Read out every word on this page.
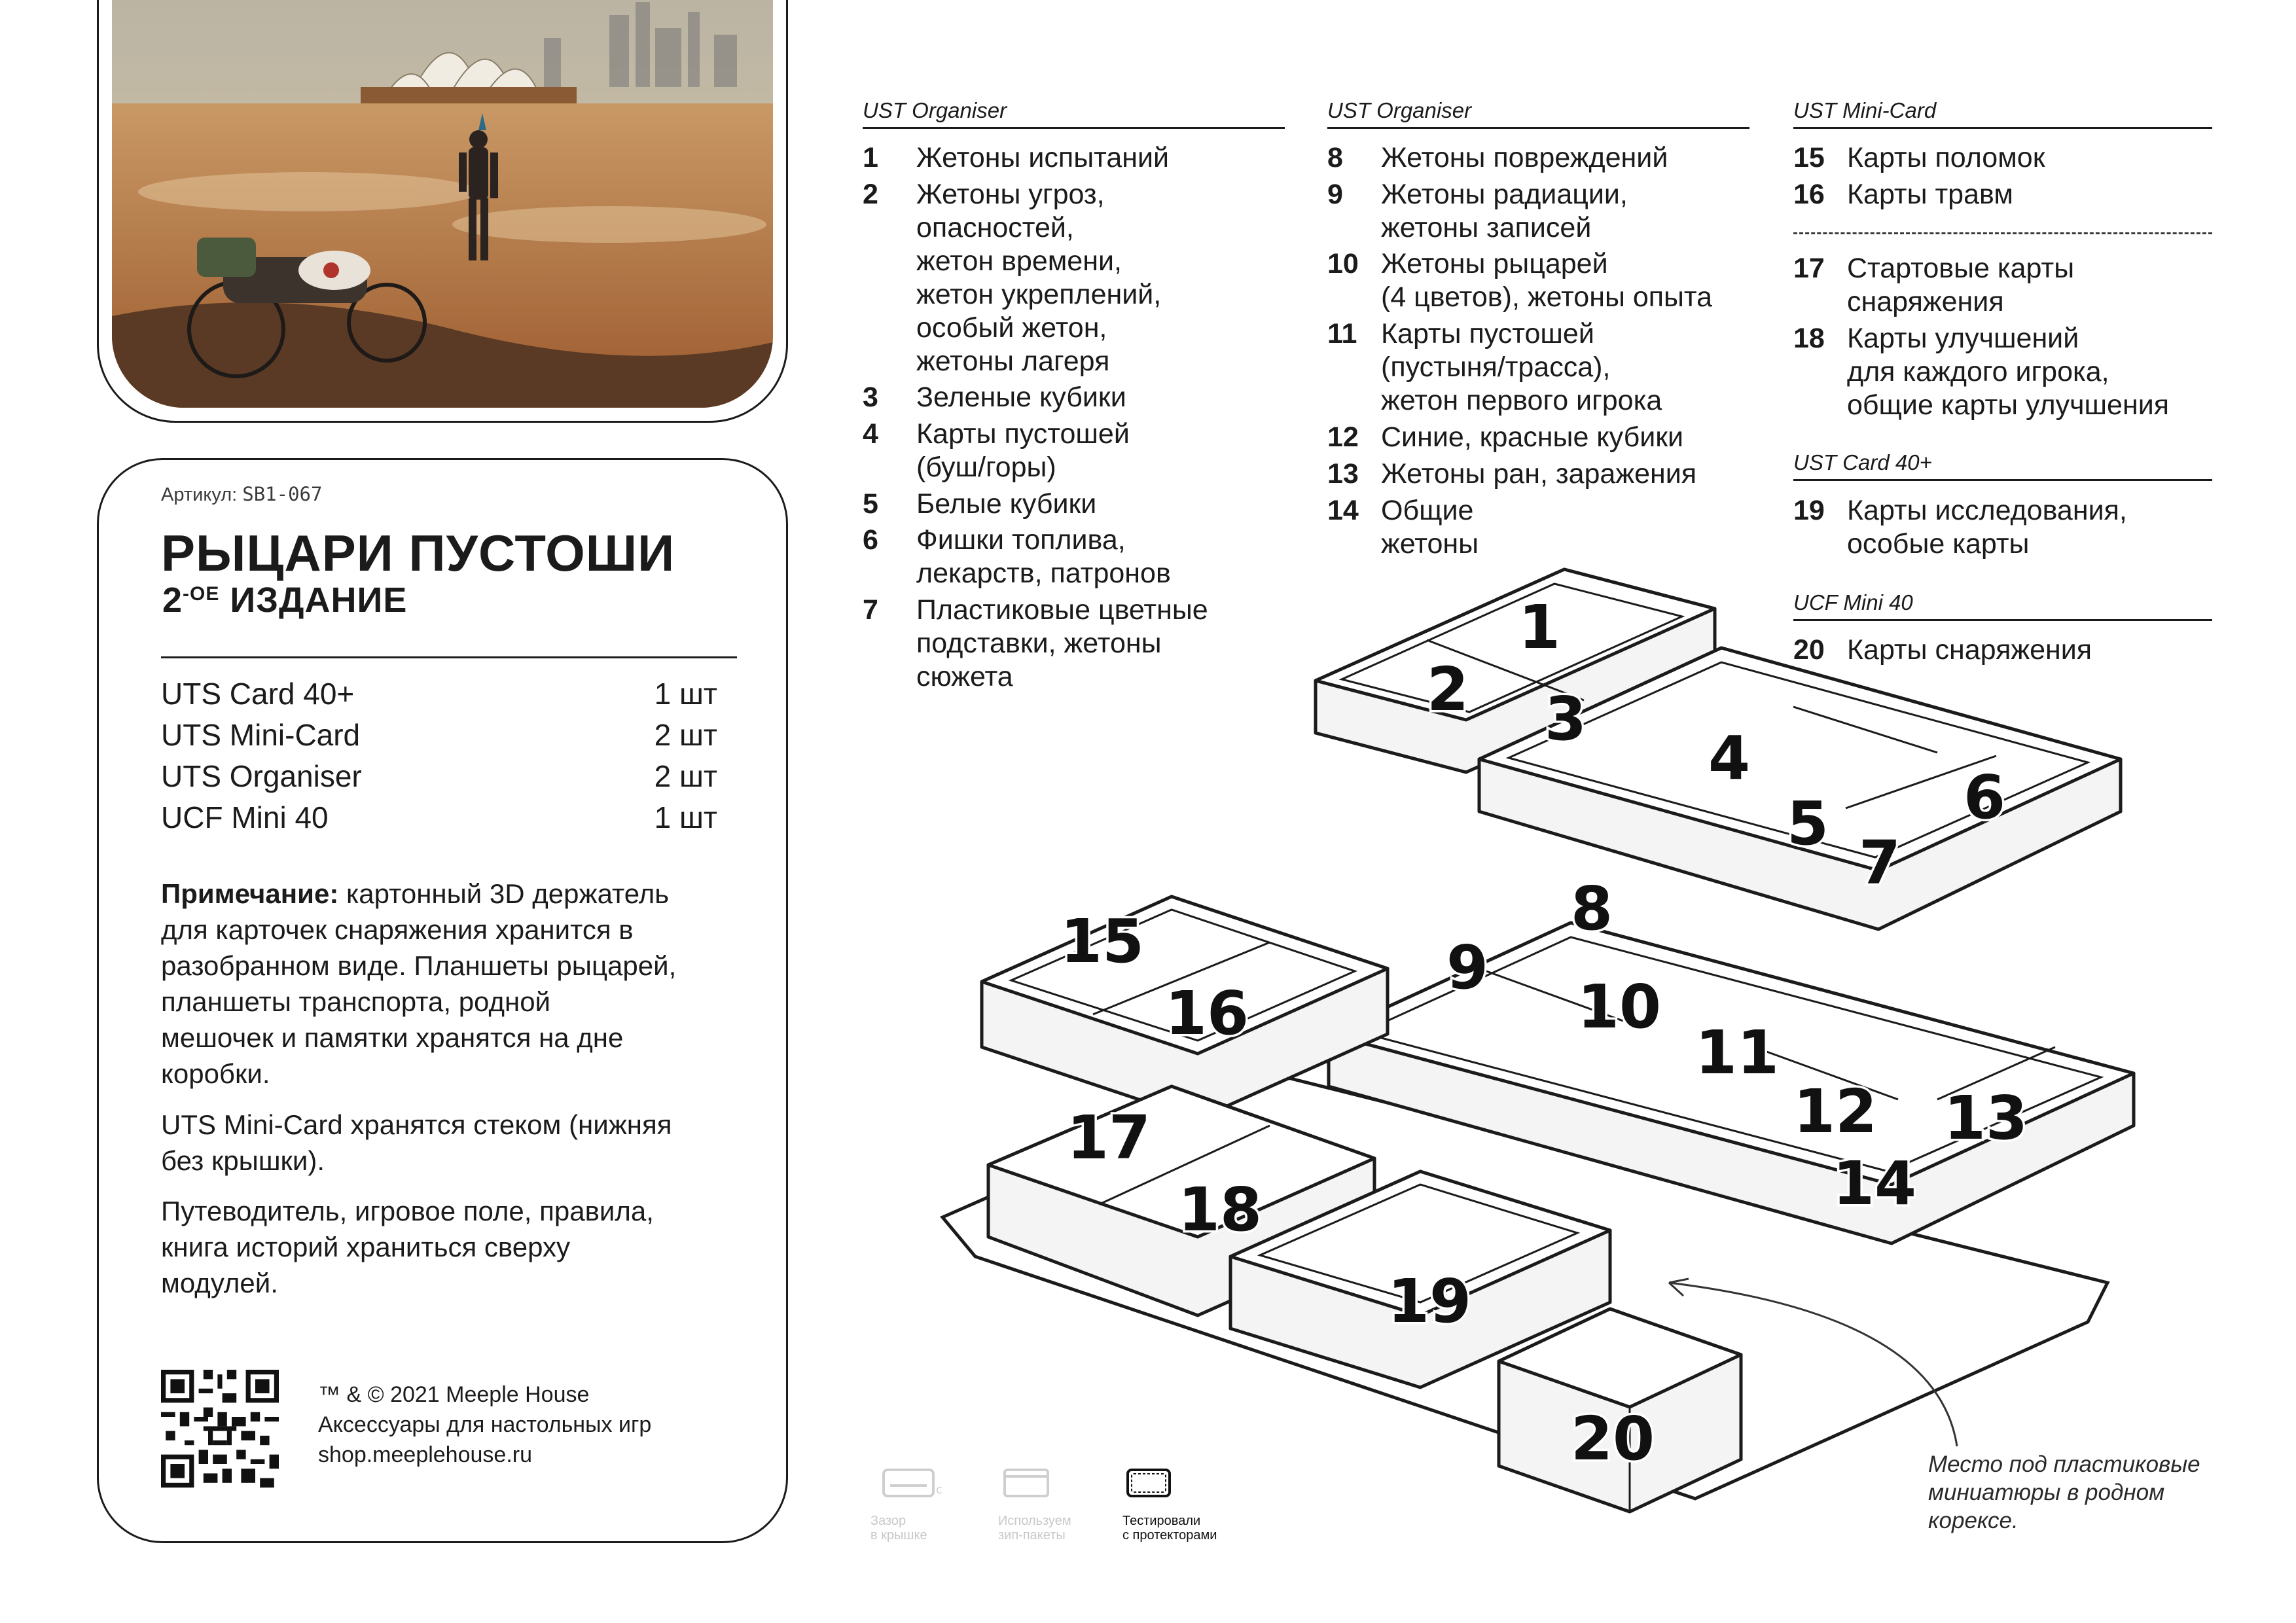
Артикул: SB1-067
РЫЦАРИ ПУСТОШИ
$2^{-ОЕ}$ ИЗДАНИЕ
UTS Card 40+	1 шт
UTS Mini-Card	2 шт
UTS Organiser	2 шт
UCF Mini 40	1 шт
Примечание: картонный 3D держатель
для карточек снаряжения хранится в
разобранном виде. Планшеты рыцарей,
планшеты транспорта, родной
мешочек и памятки хранятся на дне
коробки.
UTS Mini-Card хранятся стеком (нижняя
без крышки).
Путеводитель, игровое поле, правила,
книга историй храниться сверху
модулей.
™ & © 2021 Meeple House
Аксессуары для настольных игр
shop.meeplehouse.ru
UST Organiser
1 Жетоны испытаний
2 Жетоны угроз,
опасностей,
жетон времени,
жетон укреплений,
особый жетон,
жетоны лагеря
3 Зеленые кубики
4 Карты пустошей
(буш/горы)
5 Белые кубики
6 Фишки топлива,
лекарств, патронов
7 Пластиковые цветные
подставки, жетоны
сюжета
UST Organiser
8 Жетоны повреждений
9 Жетоны радиации,
жетоны записей
10 Жетоны рыцарей
(4 цветов), жетоны опыта
11 Карты пустошей
(пустыня/трасса),
жетон первого игрока
12 Синие, красные кубики
13 Жетоны ран, заражения
14 Общие
жетоны
UST Mini-Card
15 Карты поломок
16 Карты травм
17 Стартовые карты
снаряжения
18 Карты улучшений
для каждого игрока,
общие карты улучшения
UST Card 40+
19 Карты исследования,
особые карты
UCF Mini 40
20 Карты снаряжения
1
2 3
4
5 6
7
8
9
10
11
12 13
14
15
16
17
18
19
20	Место под пластиковые
миниатюры в родном
корексе.
c
Зазор
в крышке
Используем
зип-пакеты
Тестировали
с протекторами
